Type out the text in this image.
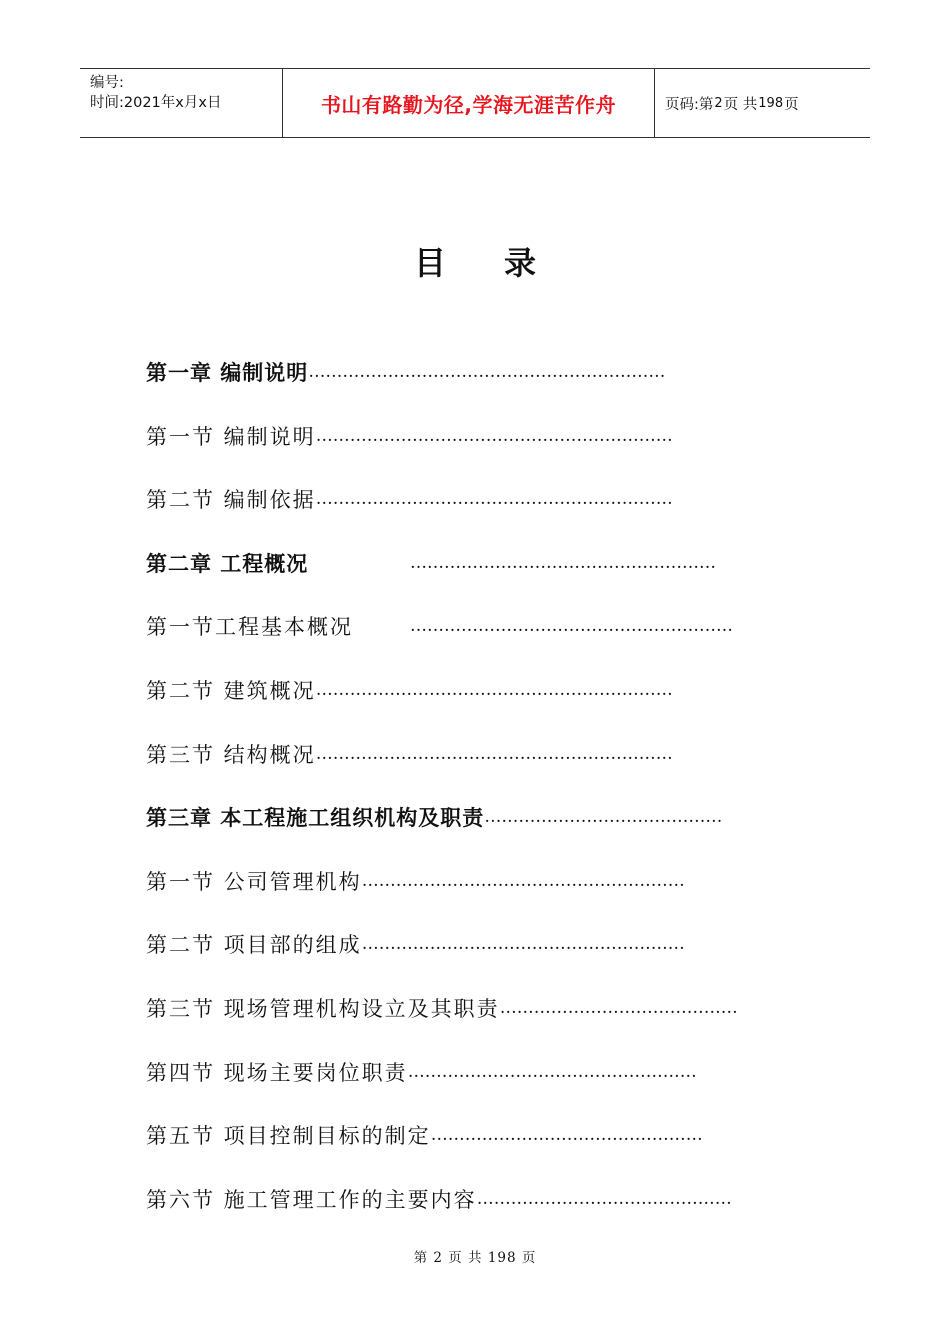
编号:
时间:2021年x月x日	书山有路勤为径,学海无涯苦作舟	页码:第 2 页 共 198 页
目 录
第一章 编制说明 ………………………………………………………
第一节 编制说明 ………………………………………………………
第二节 编制依据 ………………………………………………………
第二章 工程概况	………………………………………………
第一节工程基本概况	…………………………………………………
第二节 建筑概况 ………………………………………………………
第三节 结构概况 ………………………………………………………
第三章 本工程施工组织机构及职责 ……………………………………
第一节 公司管理机构 …………………………………………………
第二节 项目部的组成 …………………………………………………
第三节 现场管理机构设立及其职责 ……………………………………
第四节 现场主要岗位职责 ……………………………………………
第五节 项目控制目标的制定 …………………………………………
第六节 施工管理工作的主要内容 ………………………………………
第 2 页 共 198 页
